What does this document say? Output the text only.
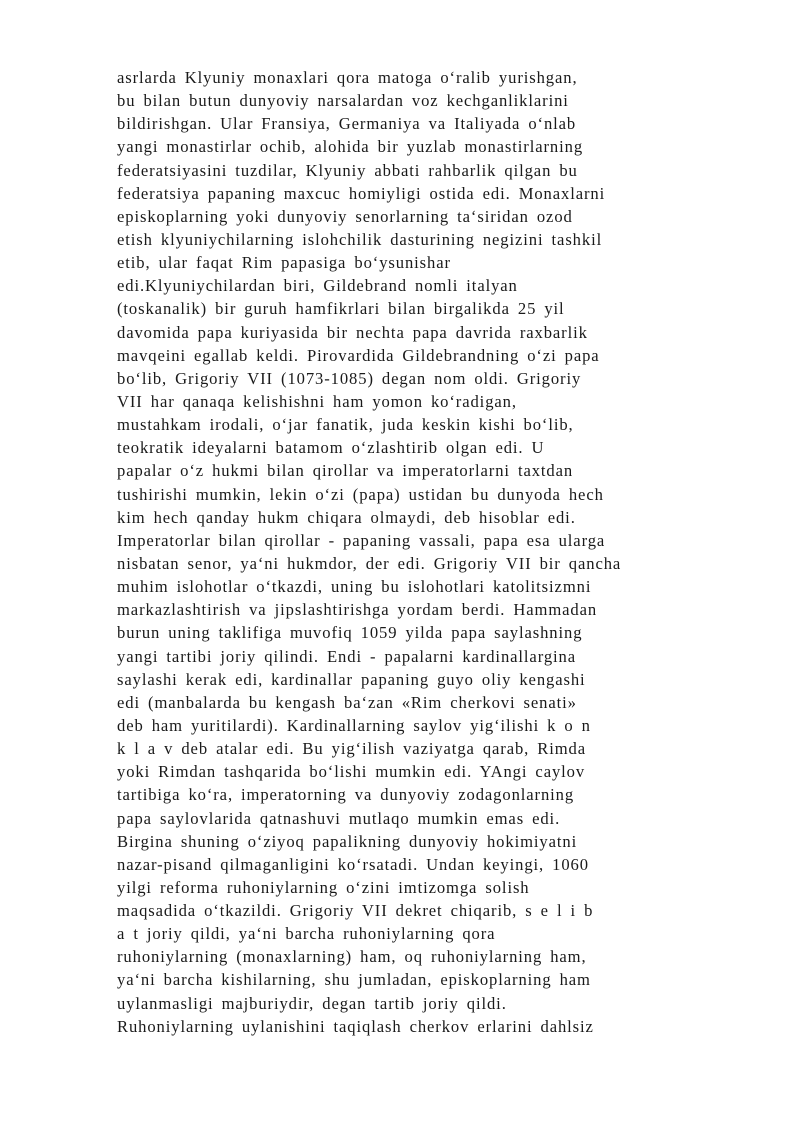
asrlarda Klyuniy monaxlari qora matoga o‘ralib yurishgan,
bu bilan butun dunyoviy narsalardan voz kechganliklarini
bildirishgan. Ular Fransiya, Germaniya va Italiyada o‘nlab
yangi monastirlar ochib, alohida bir yuzlab monastirlarning
federatsiyasini tuzdilar, Klyuniy abbati rahbarlik qilgan bu
federatsiya papaning maxcuc homiyligi ostida edi. Monaxlarni
episkoplarning yoki dunyoviy senorlarning ta‘siridan ozod
etish klyuniychilarning islohchilik dasturining negizini tashkil
etib, ular faqat Rim papasiga bo‘ysunishar
edi.Klyuniychilardan biri, Gildebrand nomli italyan
(toskanalik) bir guruh hamfikrlari bilan birgalikda 25 yil
davomida papa kuriyasida bir nechta papa davrida raxbarlik
mavqeini egallab keldi. Pirovardida Gildebrandning o‘zi papa
bo‘lib, Grigoriy VII (1073-1085) degan nom oldi. Grigoriy
VII har qanaqa kelishishni ham yomon ko‘radigan,
mustahkam irodali, o‘jar fanatik, juda keskin kishi bo‘lib,
teokratik ideyalarni batamom o‘zlashtirib olgan edi. U
papalar o‘z hukmi bilan qirollar va imperatorlarni taxtdan
tushirishi mumkin, lekin o‘zi (papa) ustidan bu dunyoda hech
kim hech qanday hukm chiqara olmaydi, deb hisoblar edi.
Imperatorlar bilan qirollar - papaning vassali, papa esa ularga
nisbatan senor, ya‘ni hukmdor, der edi. Grigoriy VII bir qancha
muhim islohotlar o‘tkazdi, uning bu islohotlari katolitsizmni
markazlashtirish va jipslashtirishga yordam berdi. Hammadan
burun uning taklifiga muvofiq 1059 yilda papa saylashning
yangi tartibi joriy qilindi. Endi - papalarni kardinallargina
saylashi kerak edi, kardinallar papaning guyo oliy kengashi
edi (manbalarda bu kengash ba‘zan «Rim cherkovi senati»
deb ham yuritilardi). Kardinallarning saylov yig‘ilishi k o n
k l a v deb atalar edi. Bu yig‘ilish vaziyatga qarab, Rimda
yoki Rimdan tashqarida bo‘lishi mumkin edi. YAngi caylov
tartibiga ko‘ra, imperatorning va dunyoviy zodagonlarning
papa saylovlarida qatnashuvi mutlaqo mumkin emas edi.
Birgina shuning o‘ziyoq papalikning dunyoviy hokimiyatni
nazar-pisand qilmaganligini ko‘rsatadi. Undan keyingi, 1060
yilgi reforma ruhoniylarning o‘zini imtizomga solish
maqsadida o‘tkazildi. Grigoriy VII dekret chiqarib, s e l i b
a t joriy qildi, ya‘ni barcha ruhoniylarning qora
ruhoniylarning (monaxlarning) ham, oq ruhoniylarning ham,
ya‘ni barcha kishilarning, shu jumladan, episkoplarning ham
uylanmasligi majburiydir, degan tartib joriy qildi.
Ruhoniylarning uylanishini taqiqlash cherkov erlarini dahlsiz
